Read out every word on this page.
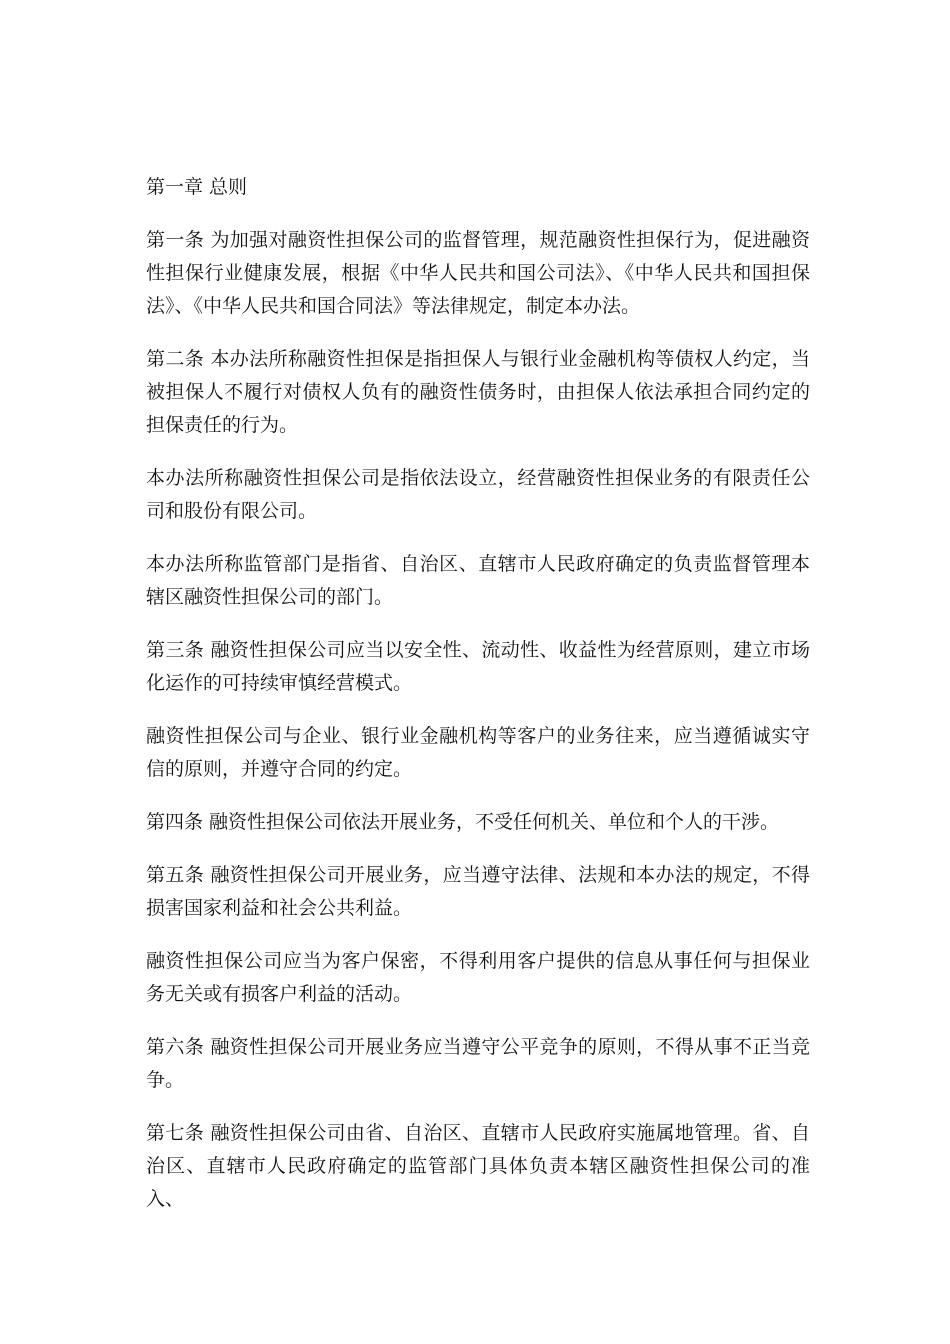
第一章 总则

第一条 为加强对融资性担保公司的监督管理，规范融资性担保行为，促进融资性担保行业健康发展，根据《中华人民共和国公司法》、《中华人民共和国担保法》、《中华人民共和国合同法》等法律规定，制定本办法。

第二条 本办法所称融资性担保是指担保人与银行业金融机构等债权人约定，当被担保人不履行对债权人负有的融资性债务时，由担保人依法承担合同约定的担保责任的行为。

本办法所称融资性担保公司是指依法设立，经营融资性担保业务的有限责任公司和股份有限公司。

本办法所称监管部门是指省、自治区、直辖市人民政府确定的负责监督管理本辖区融资性担保公司的部门。

第三条 融资性担保公司应当以安全性、流动性、收益性为经营原则，建立市场化运作的可持续审慎经营模式。

融资性担保公司与企业、银行业金融机构等客户的业务往来，应当遵循诚实守信的原则，并遵守合同的约定。

第四条 融资性担保公司依法开展业务，不受任何机关、单位和个人的干涉。

第五条 融资性担保公司开展业务，应当遵守法律、法规和本办法的规定，不得损害国家利益和社会公共利益。

融资性担保公司应当为客户保密，不得利用客户提供的信息从事任何与担保业务无关或有损客户利益的活动。

第六条 融资性担保公司开展业务应当遵守公平竞争的原则，不得从事不正当竞争。

第七条 融资性担保公司由省、自治区、直辖市人民政府实施属地管理。省、自治区、直辖市人民政府确定的监管部门具体负责本辖区融资性担保公司的准入、
